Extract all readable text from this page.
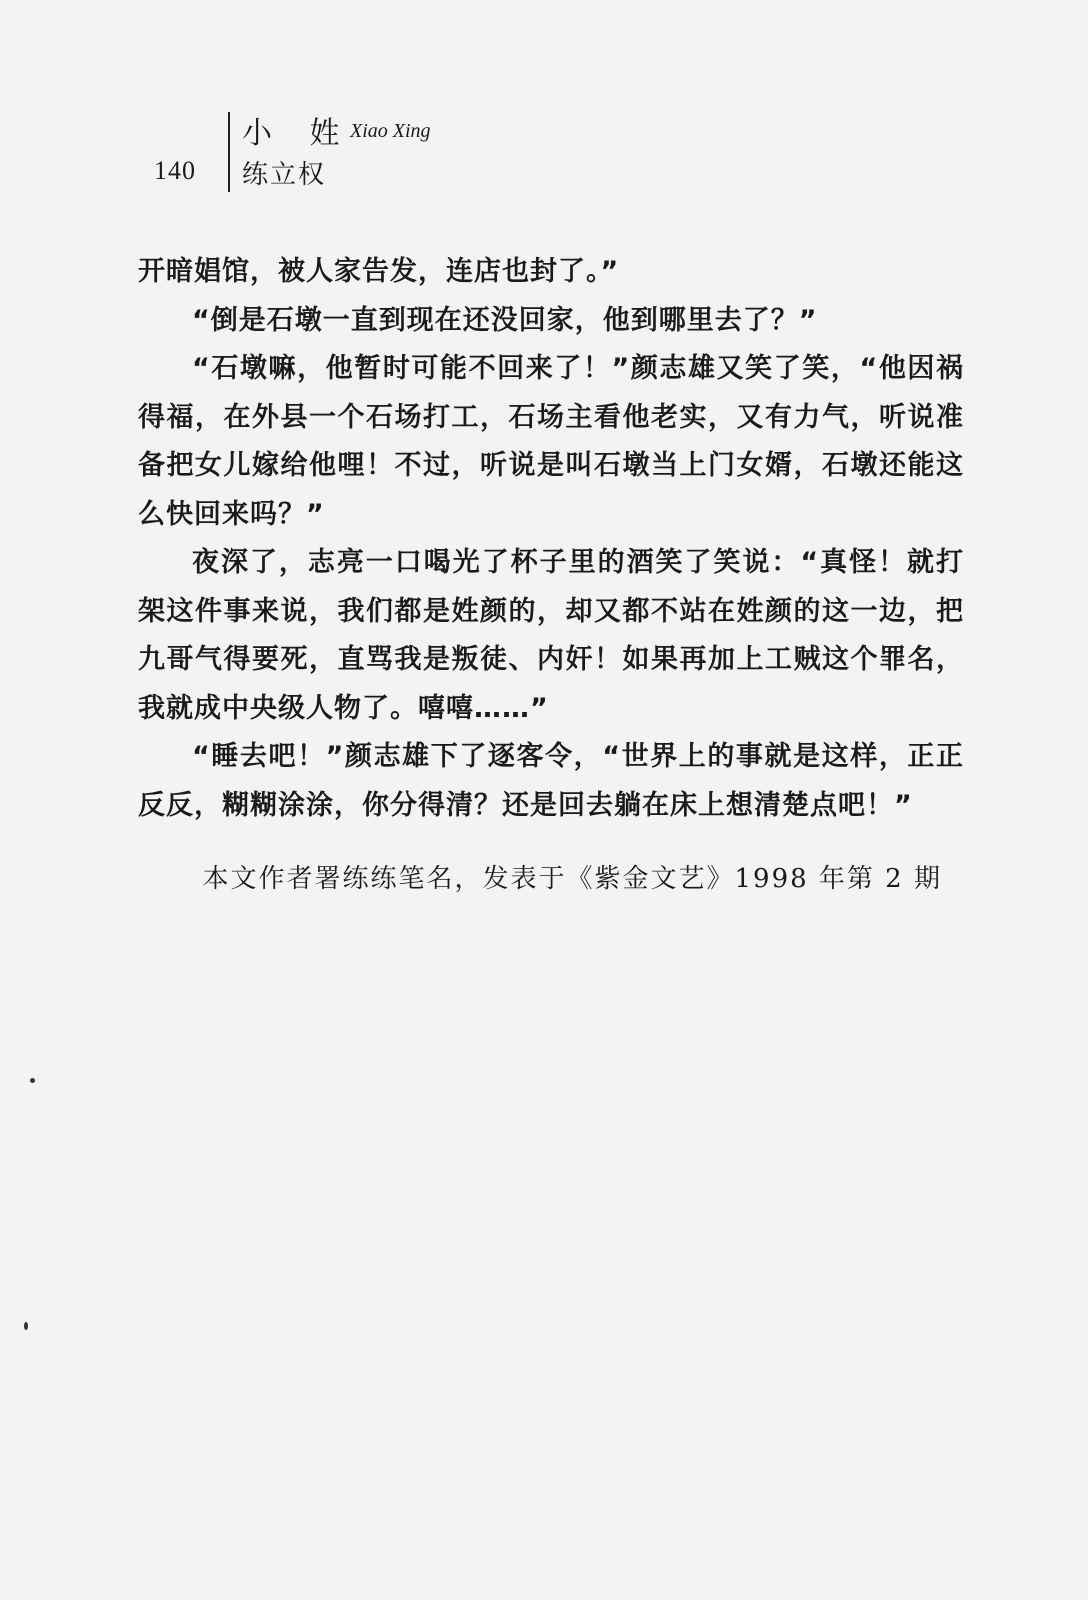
140
小 姓
Xiao Xing
练立权

开暗娼馆，被人家告发，连店也封了。”

“倒是石墩一直到现在还没回家，他到哪里去了？”

“石墩嘛，他暂时可能不回来了！”颜志雄又笑了笑，“他因祸得福，在外县一个石场打工，石场主看他老实，又有力气，听说准备把女儿嫁给他哩！不过，听说是叫石墩当上门女婿，石墩还能这么快回来吗？”

夜深了，志亮一口喝光了杯子里的酒笑了笑说：“真怪！就打架这件事来说，我们都是姓颜的，却又都不站在姓颜的这一边，把九哥气得要死，直骂我是叛徒、内奸！如果再加上工贼这个罪名，我就成中央级人物了。嘻嘻……”

“睡去吧！”颜志雄下了逐客令，“世界上的事就是这样，正正反反，糊糊涂涂，你分得清？还是回去躺在床上想清楚点吧！”

本文作者署练练笔名，发表于《紫金文艺》1998 年第 2 期
